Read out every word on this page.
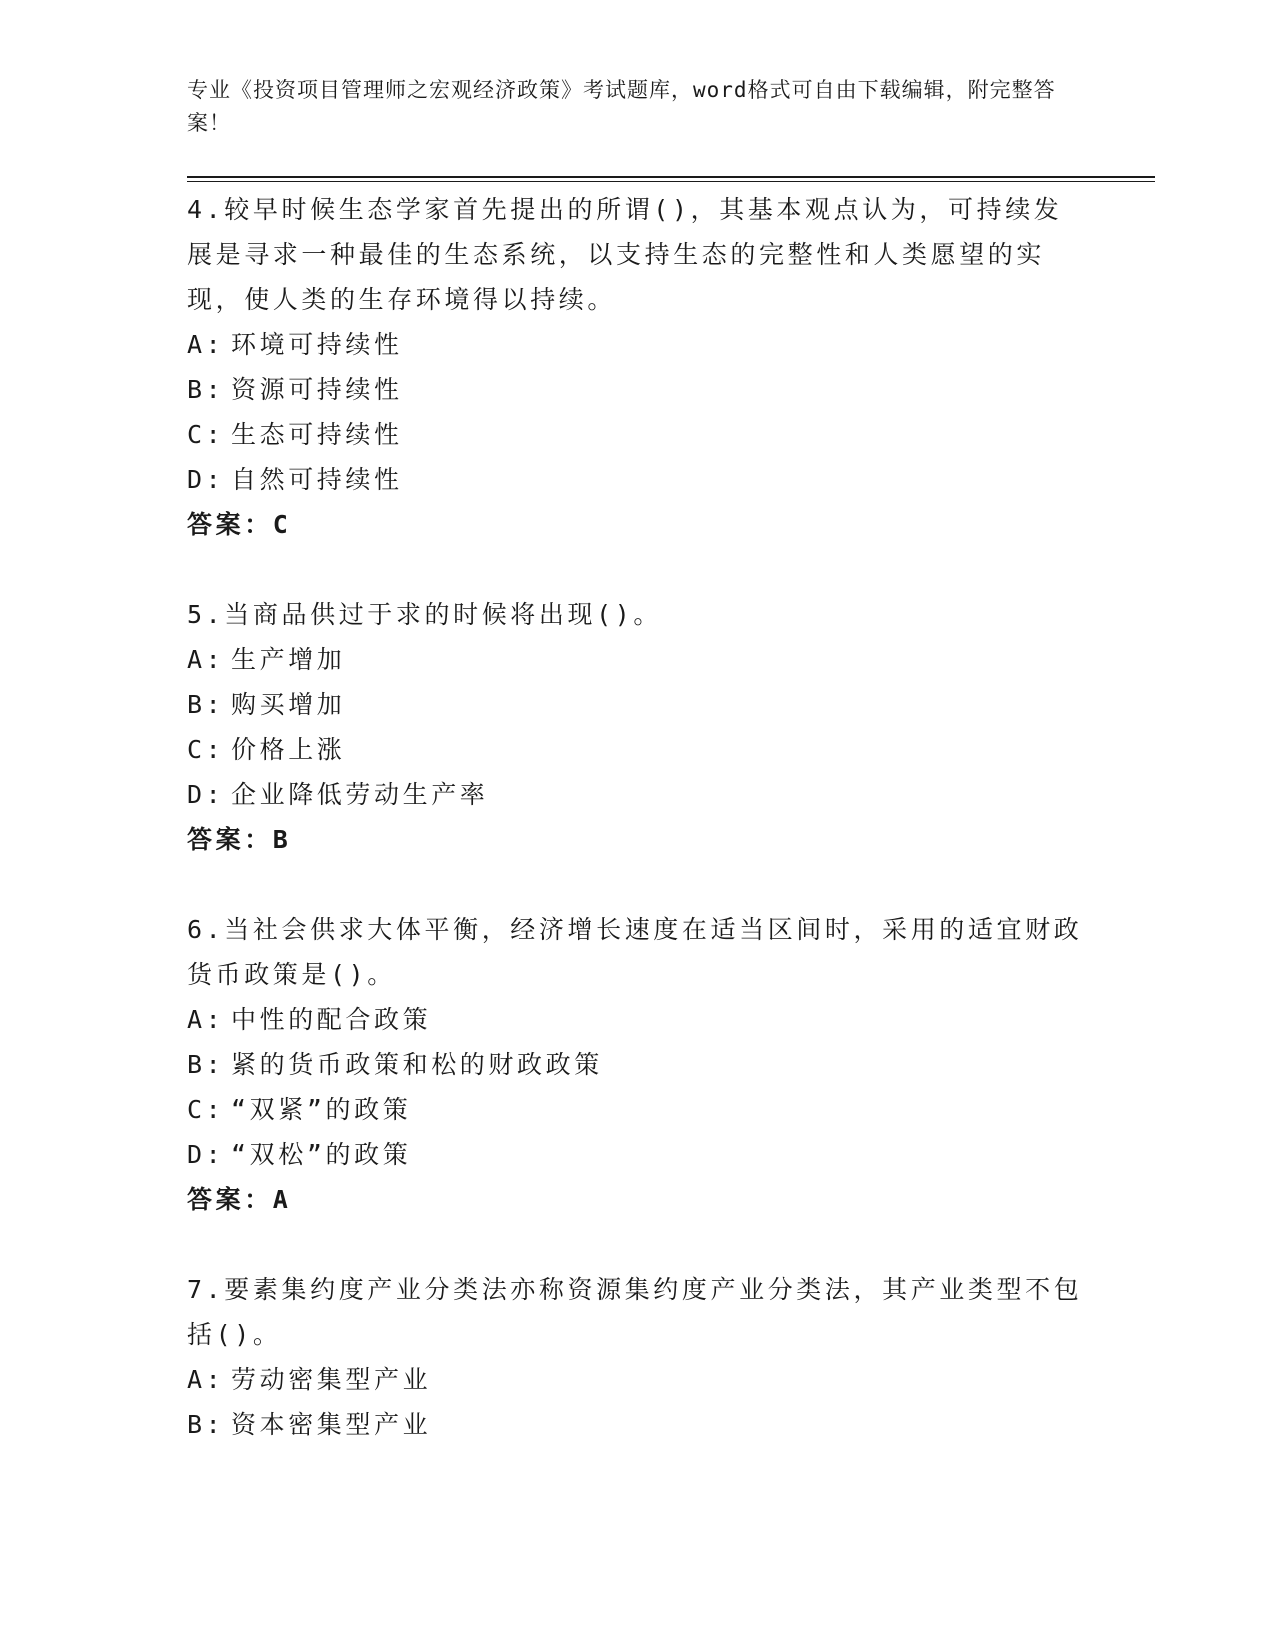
专业《投资项目管理师之宏观经济政策》考试题库，word格式可自由下载编辑，附完整答案！

4.较早时候生态学家首先提出的所谓()，其基本观点认为，可持续发展是寻求一种最佳的生态系统，以支持生态的完整性和人类愿望的实现，使人类的生存环境得以持续。

A: 环境可持续性

B: 资源可持续性

C: 生态可持续性

D: 自然可持续性

答案：C

5.当商品供过于求的时候将出现()。

A: 生产增加

B: 购买增加

C: 价格上涨

D: 企业降低劳动生产率

答案：B

6.当社会供求大体平衡，经济增长速度在适当区间时，采用的适宜财政货币政策是()。

A: 中性的配合政策

B: 紧的货币政策和松的财政政策

C: “双紧”的政策

D: “双松”的政策

答案：A

7.要素集约度产业分类法亦称资源集约度产业分类法，其产业类型不包括()。

A: 劳动密集型产业

B: 资本密集型产业
